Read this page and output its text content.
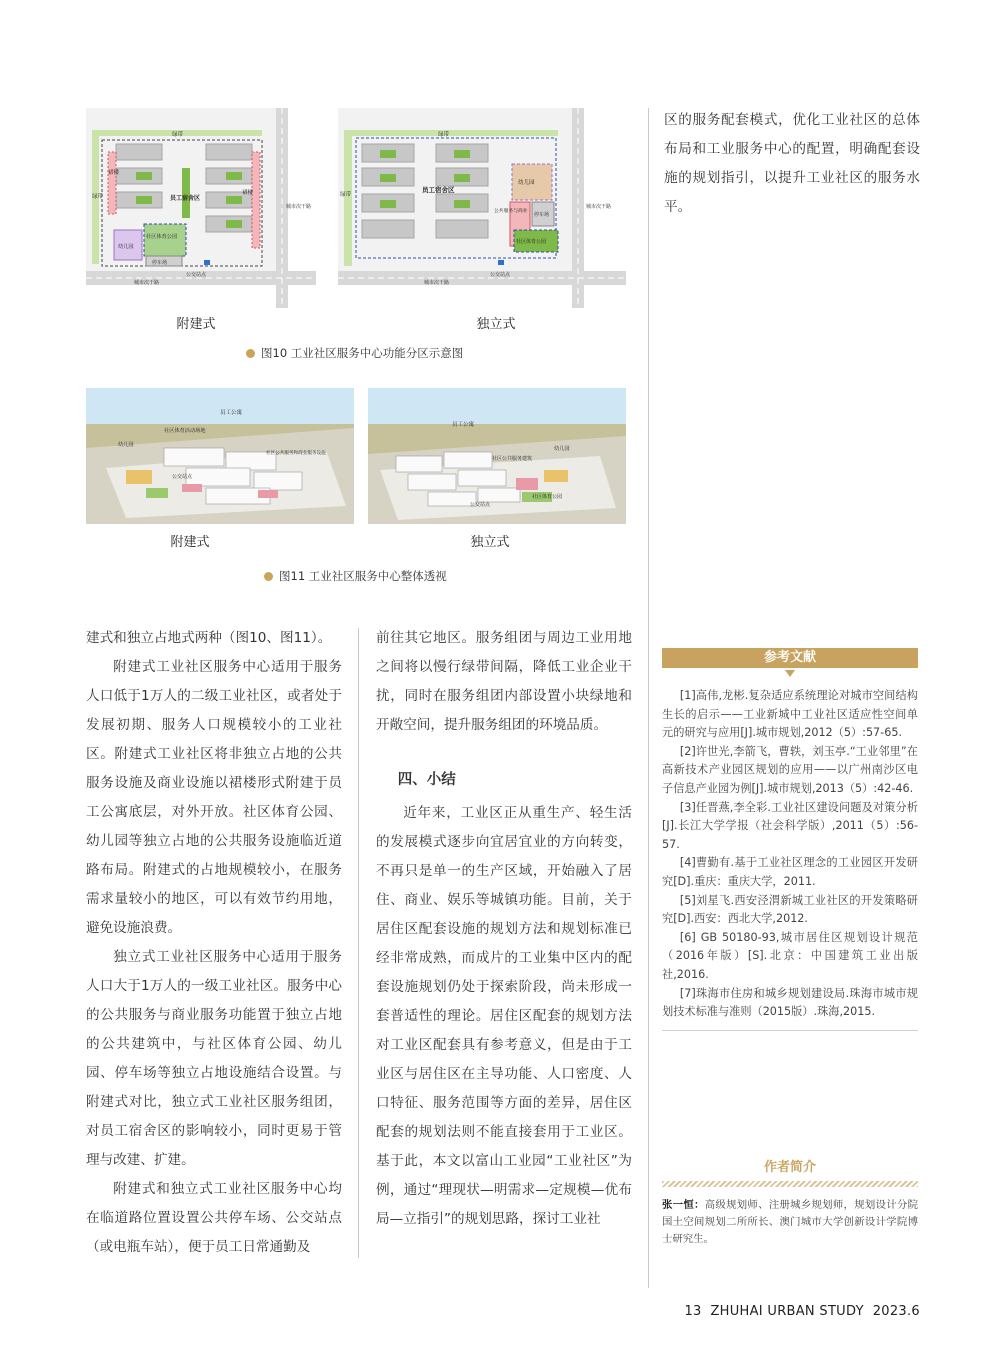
绿带
绿带
裙楼
裙楼
员工宿舍区
社区体育公园
幼儿园
停车场
城市次干路
公交站点
城市次干路
绿带
绿带
员工宿舍区
幼儿园
公共服务与商业
停车场
社区体育公园
城市次干路
公交站点
城市次干路
附建式	独立式
图10 工业社区服务中心功能分区示意图
员工公寓
社区体育活动场地
幼儿园
社区公共服务和商业服务设施
公交站点
员工公寓
社区公共服务建筑
幼儿园
公交站点
社区体育公园
附建式	独立式
图11 工业社区服务中心整体透视

区的服务配套模式，优化工业社区的总体布局和工业服务中心的配置，明确配套设施的规划指引，以提升工业社区的服务水平。

建式和独立占地式两种（图10、图11）。

附建式工业社区服务中心适用于服务人口低于1万人的二级工业社区，或者处于发展初期、服务人口规模较小的工业社区。附建式工业社区将非独立占地的公共服务设施及商业设施以裙楼形式附建于员工公寓底层，对外开放。社区体育公园、幼儿园等独立占地的公共服务设施临近道路布局。附建式的占地规模较小，在服务需求量较小的地区，可以有效节约用地，避免设施浪费。

独立式工业社区服务中心适用于服务人口大于1万人的一级工业社区。服务中心的公共服务与商业服务功能置于独立占地的公共建筑中，与社区体育公园、幼儿园、停车场等独立占地设施结合设置。与附建式对比，独立式工业社区服务组团，对员工宿舍区的影响较小，同时更易于管理与改建、扩建。

附建式和独立式工业社区服务中心均在临道路位置设置公共停车场、公交站点（或电瓶车站），便于员工日常通勤及

前往其它地区。服务组团与周边工业用地之间将以慢行绿带间隔，降低工业企业干扰，同时在服务组团内部设置小块绿地和开敞空间，提升服务组团的环境品质。

四、小结

近年来，工业区正从重生产、轻生活的发展模式逐步向宜居宜业的方向转变，不再只是单一的生产区域，开始融入了居住、商业、娱乐等城镇功能。目前，关于居住区配套设施的规划方法和规划标准已经非常成熟，而成片的工业集中区内的配套设施规划仍处于探索阶段，尚未形成一套普适性的理论。居住区配套的规划方法对工业区配套具有参考意义，但是由于工业区与居住区在主导功能、人口密度、人口特征、服务范围等方面的差异，居住区配套的规划法则不能直接套用于工业区。基于此，本文以富山工业园“工业社区”为例，通过“理现状—明需求—定规模—优布局—立指引”的规划思路，探讨工业社

参考文献

[1]高伟,龙彬.复杂适应系统理论对城市空间结构生长的启示——工业新城中工业社区适应性空间单元的研究与应用[J].城市规划,2012（5）:57-65.

[2]许世光,李箭飞，曹轶，刘玉亭.“工业邻里”在高新技术产业园区规划的应用——以广州南沙区电子信息产业园为例[J].城市规划,2013（5）:42-46.

[3]任晋燕,李全彩.工业社区建设问题及对策分析[J].长江大学学报（社会科学版）,2011（5）:56-57.

[4]曹勤有.基于工业社区理念的工业园区开发研究[D].重庆：重庆大学，2011.

[5]刘星飞.西安泾渭新城工业社区的开发策略研究[D].西安：西北大学,2012.

[6] GB 50180-93,城市居住区规划设计规范（2016年版）[S].北京：中国建筑工业出版社,2016.

[7]珠海市住房和城乡规划建设局.珠海市城市规划技术标准与准则（2015版）.珠海,2015.

作者简介
张一恒：高级规划师、注册城乡规划师，规划设计分院国土空间规划二所所长、澳门城市大学创新设计学院博士研究生。
13  ZHUHAI URBAN STUDY  2023.6
